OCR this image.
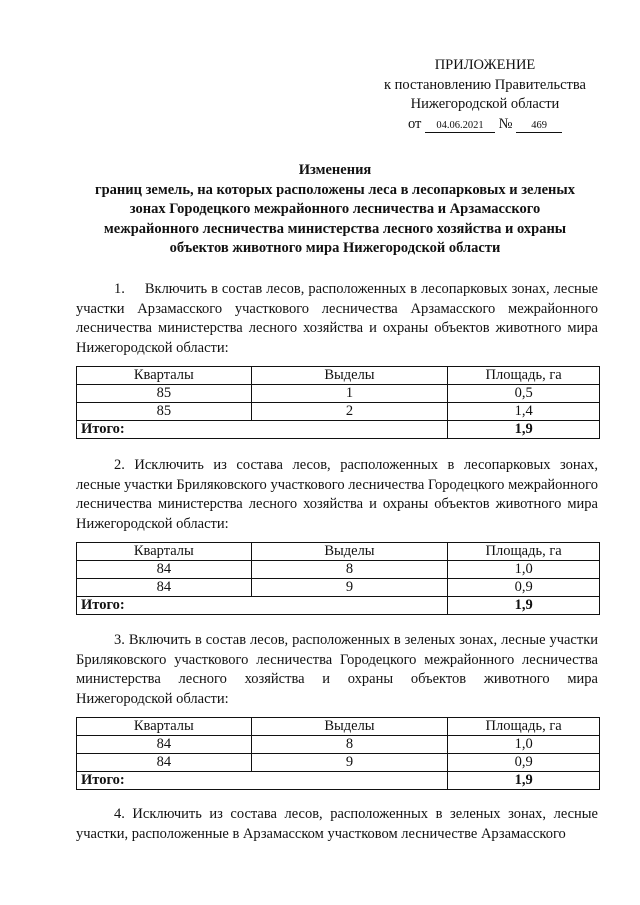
ПРИЛОЖЕНИЕ
к постановлению Правительства
Нижегородской области
от 04.06.2021 № 469
Изменения
границ земель, на которых расположены леса в лесопарковых и зеленых
зонах Городецкого межрайонного лесничества и Арзамасского
межрайонного лесничества министерства лесного хозяйства и охраны
объектов животного мира Нижегородской области
1.     Включить в состав лесов, расположенных в лесопарковых зонах, лесные участки Арзамасского участкового лесничества Арзамасского межрайонного лесничества министерства лесного хозяйства и охраны объектов животного мира Нижегородской области:
Кварталы	Выделы	Площадь, га
85	1	0,5
85	2	1,4
Итого:		1,9
2. Исключить из состава лесов, расположенных в лесопарковых зонах, лесные участки Бриляковского участкового лесничества Городецкого межрайонного лесничества министерства лесного хозяйства и охраны объектов животного мира Нижегородской области:
Кварталы	Выделы	Площадь, га
84	8	1,0
84	9	0,9
Итого:		1,9
3. Включить в состав лесов, расположенных в зеленых зонах, лесные участки Бриляковского участкового лесничества Городецкого межрайонного лесничества министерства лесного хозяйства и охраны объектов животного мира Нижегородской области:
Кварталы	Выделы	Площадь, га
84	8	1,0
84	9	0,9
Итого:		1,9
4. Исключить из состава лесов, расположенных в зеленых зонах, лесные участки, расположенные в Арзамасском участковом лесничестве Арзамасского
